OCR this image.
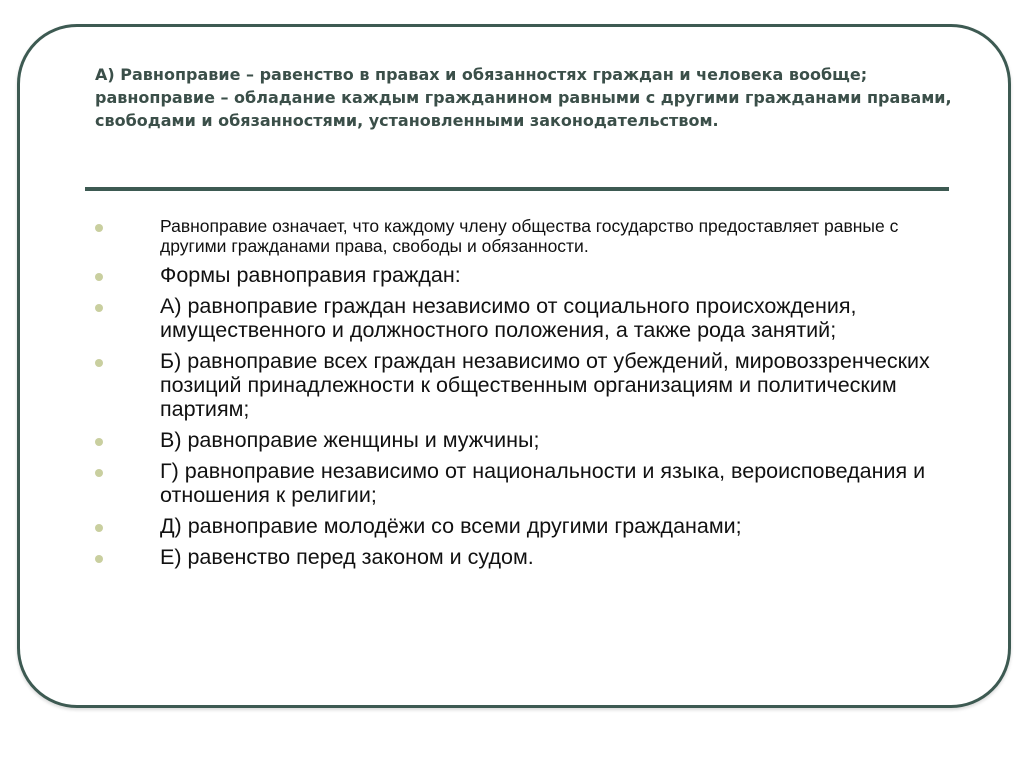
А) Равноправие – равенство в правах и обязанностях граждан и человека вообще; равноправие – обладание каждым гражданином равными с другими гражданами правами, свободами и обязанностями, установленными законодательством.

Равноправие означает, что каждому члену общества государство предоставляет равные с другими гражданами права, свободы и обязанности.
Формы равноправия граждан:
А) равноправие граждан независимо от социального происхождения, имущественного и должностного положения, а также рода занятий;
Б) равноправие всех граждан независимо от убеждений, мировоззренческих позиций принадлежности к общественным организациям и политическим партиям;
В) равноправие женщины и мужчины;
Г) равноправие независимо от национальности и языка, вероисповедания и отношения к религии;
Д) равноправие молодёжи со всеми другими гражданами;
Е) равенство перед законом и судом.
